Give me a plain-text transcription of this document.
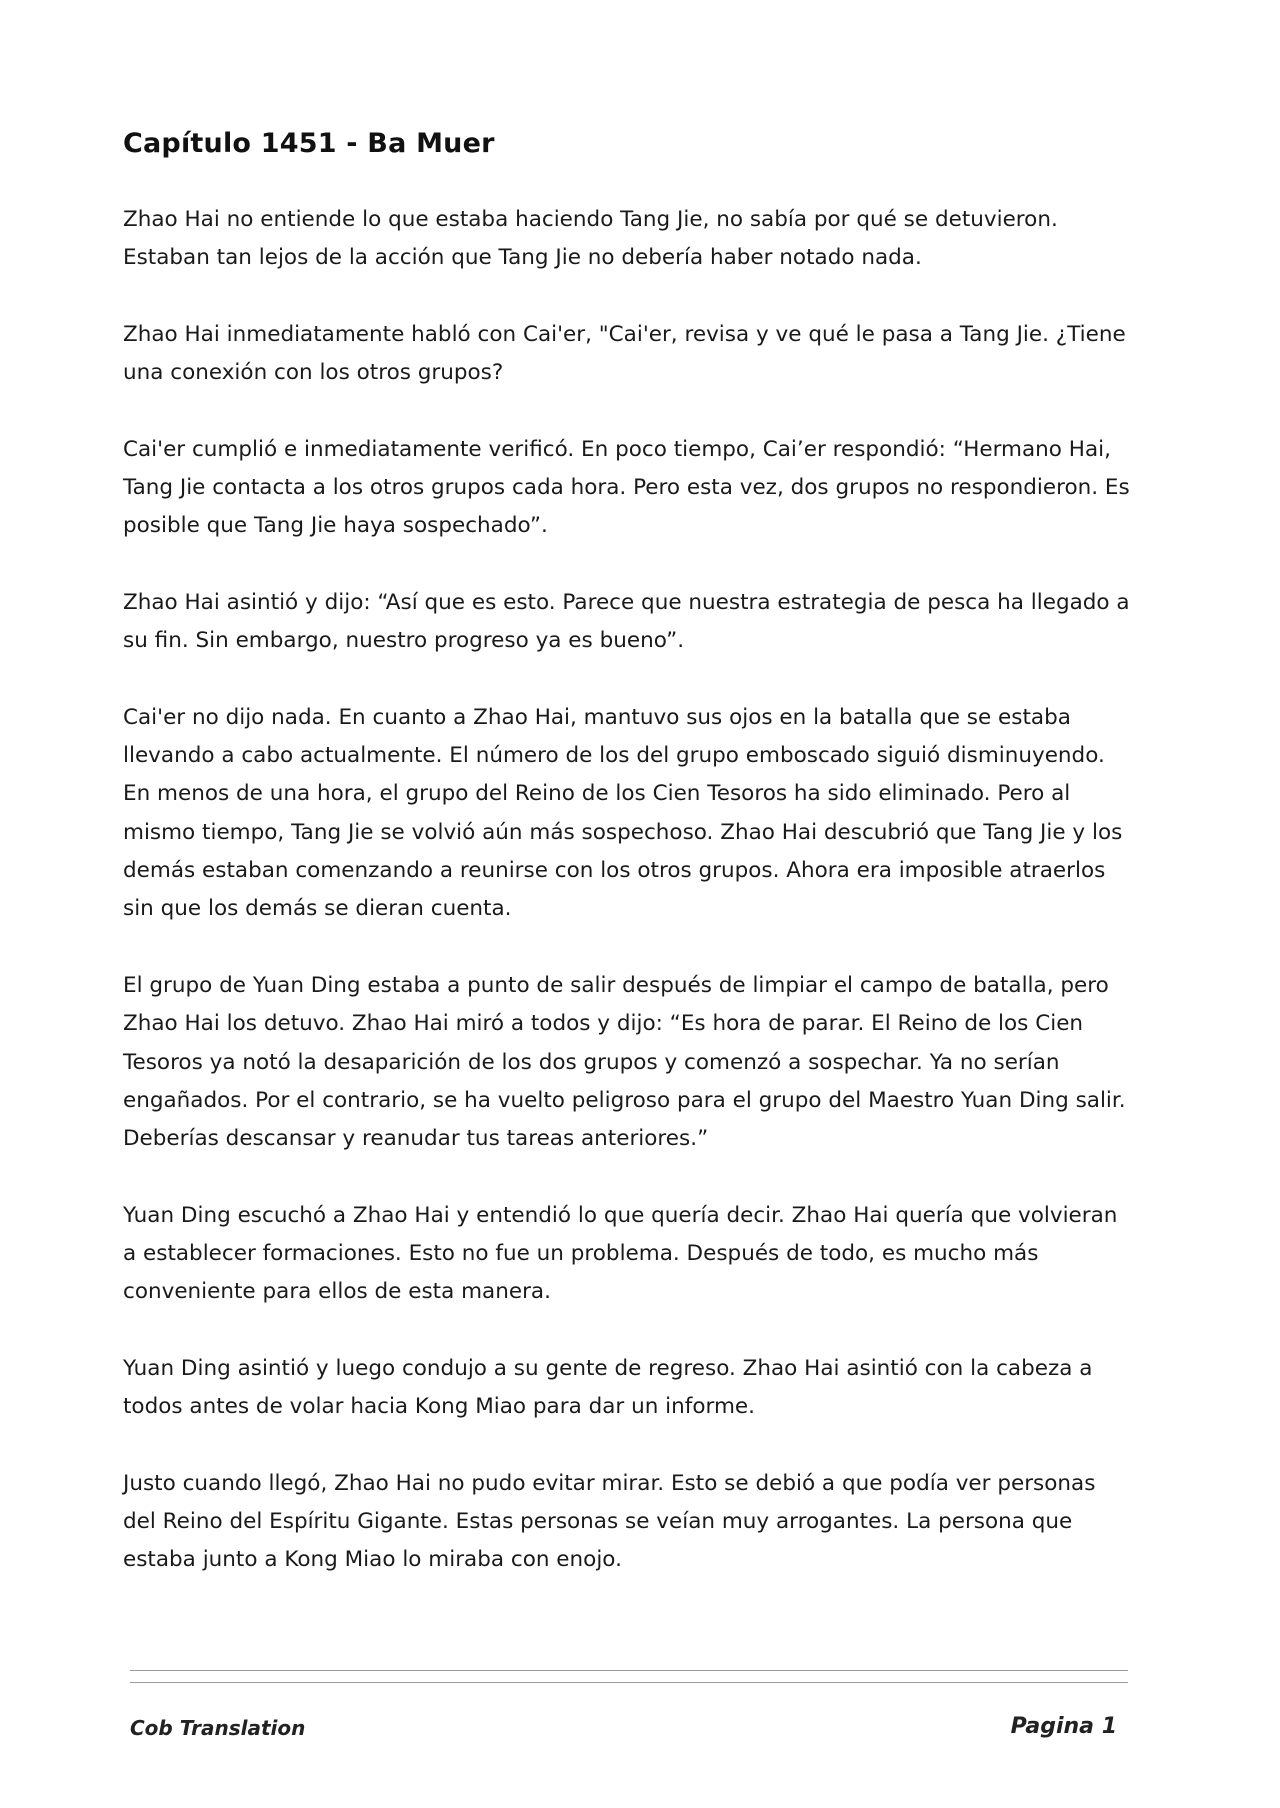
Capítulo 1451 - Ba Muer

Zhao Hai no entiende lo que estaba haciendo Tang Jie, no sabía por qué se detuvieron. Estaban tan lejos de la acción que Tang Jie no debería haber notado nada.

Zhao Hai inmediatamente habló con Cai'er, "Cai'er, revisa y ve qué le pasa a Tang Jie. ¿Tiene una conexión con los otros grupos?

Cai'er cumplió e inmediatamente verificó. En poco tiempo, Cai’er respondió: “Hermano Hai, Tang Jie contacta a los otros grupos cada hora. Pero esta vez, dos grupos no respondieron. Es posible que Tang Jie haya sospechado”.

Zhao Hai asintió y dijo: “Así que es esto. Parece que nuestra estrategia de pesca ha llegado a su fin. Sin embargo, nuestro progreso ya es bueno”.

Cai'er no dijo nada. En cuanto a Zhao Hai, mantuvo sus ojos en la batalla que se estaba llevando a cabo actualmente. El número de los del grupo emboscado siguió disminuyendo. En menos de una hora, el grupo del Reino de los Cien Tesoros ha sido eliminado. Pero al mismo tiempo, Tang Jie se volvió aún más sospechoso. Zhao Hai descubrió que Tang Jie y los demás estaban comenzando a reunirse con los otros grupos. Ahora era imposible atraerlos sin que los demás se dieran cuenta.

El grupo de Yuan Ding estaba a punto de salir después de limpiar el campo de batalla, pero Zhao Hai los detuvo. Zhao Hai miró a todos y dijo: “Es hora de parar. El Reino de los Cien Tesoros ya notó la desaparición de los dos grupos y comenzó a sospechar. Ya no serían engañados. Por el contrario, se ha vuelto peligroso para el grupo del Maestro Yuan Ding salir. Deberías descansar y reanudar tus tareas anteriores.”

Yuan Ding escuchó a Zhao Hai y entendió lo que quería decir. Zhao Hai quería que volvieran a establecer formaciones. Esto no fue un problema. Después de todo, es mucho más conveniente para ellos de esta manera.

Yuan Ding asintió y luego condujo a su gente de regreso. Zhao Hai asintió con la cabeza a todos antes de volar hacia Kong Miao para dar un informe.

Justo cuando llegó, Zhao Hai no pudo evitar mirar. Esto se debió a que podía ver personas del Reino del Espíritu Gigante. Estas personas se veían muy arrogantes. La persona que estaba junto a Kong Miao lo miraba con enojo.

Cob Translation	Pagina 1
